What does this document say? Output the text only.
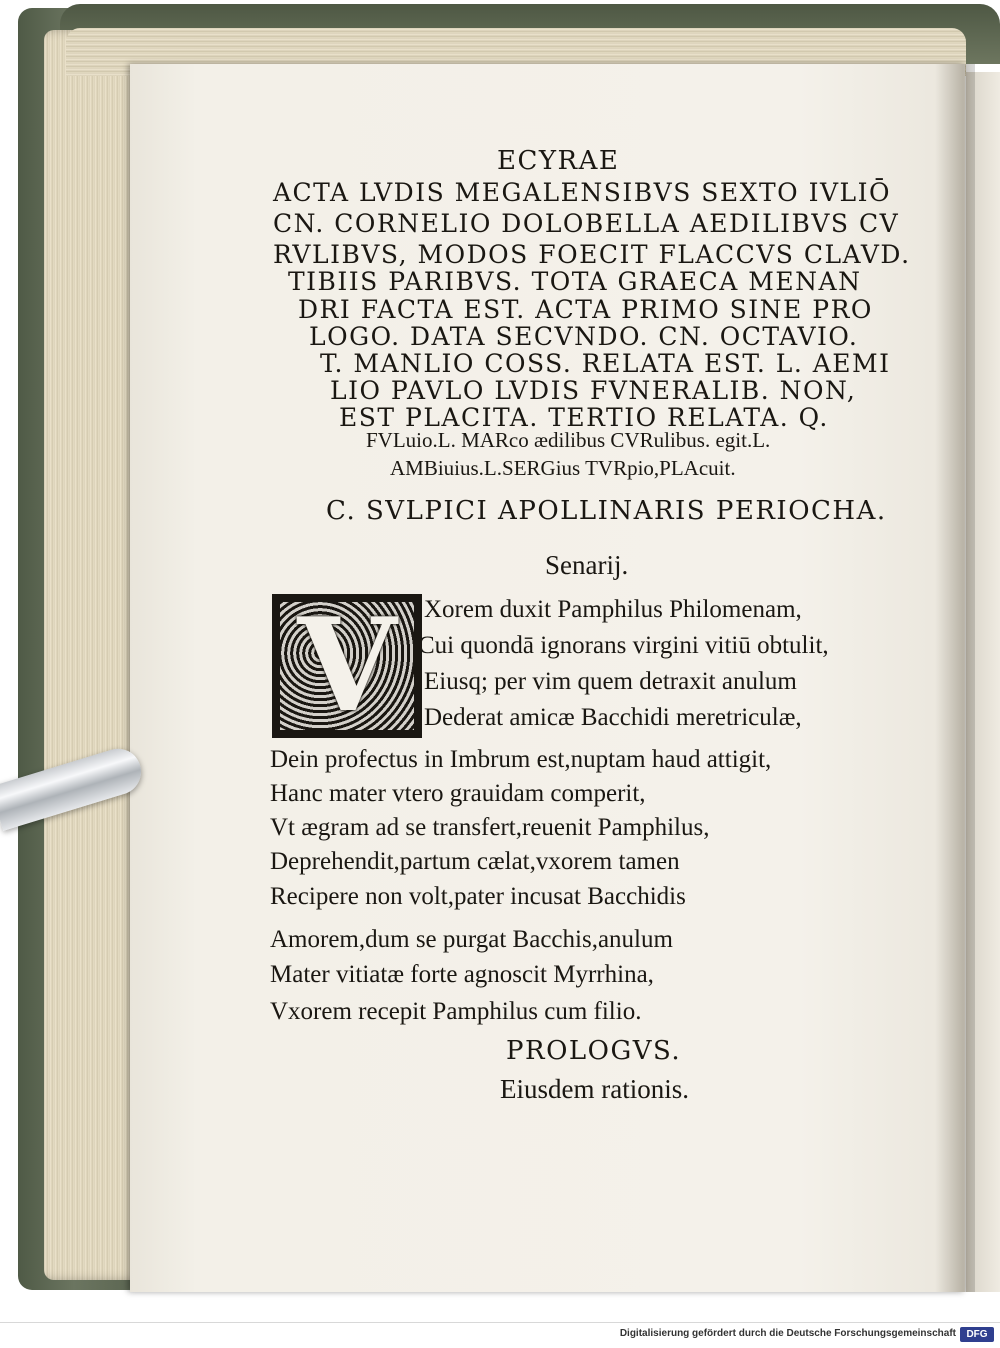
ECYRAE
ACTA LVDIS MEGALENSIBVS SEXTO IVLIŌ
CN. CORNELIO DOLOBELLA AEDILIBVS CV
RVLIBVS, MODOS FOECIT FLACCVS CLAVD.
TIBIIS PARIBVS. TOTA GRAECA MENAN
DRI FACTA EST. ACTA PRIMO SINE PRO
LOGO. DATA SECVNDO. CN. OCTAVIO.
T. MANLIO COSS. RELATA EST. L. AEMI
LIO PAVLO LVDIS FVNERALIB. NON,
EST PLACITA. TERTIO RELATA. Q.
FVLuio.L. MARco ædilibus CVRulibus. egit.L.
AMBiuius.L.SERGius TVRpio,PLAcuit.
C. SVLPICI APOLLINARIS PERIOCHA.
Senarij.
V	Xorem duxit Pamphilus Philomenam,
Cui quondā ignorans virgini vitiū obtulit,
Eiusq; per vim quem detraxit anulum
Dederat amicæ Bacchidi meretriculæ,
Dein profectus in Imbrum est,nuptam haud attigit,
Hanc mater vtero grauidam comperit,
Vt ægram ad se transfert,reuenit Pamphilus,
Deprehendit,partum cælat,vxorem tamen
Recipere non volt,pater incusat Bacchidis
Amorem,dum se purgat Bacchis,anulum
Mater vitiatæ forte agnoscit Myrrhina,
Vxorem recepit Pamphilus cum filio.
PROLOGVS.
Eiusdem rationis.
Digitalisierung gefördert durch die Deutsche Forschungsgemeinschaft	DFG
